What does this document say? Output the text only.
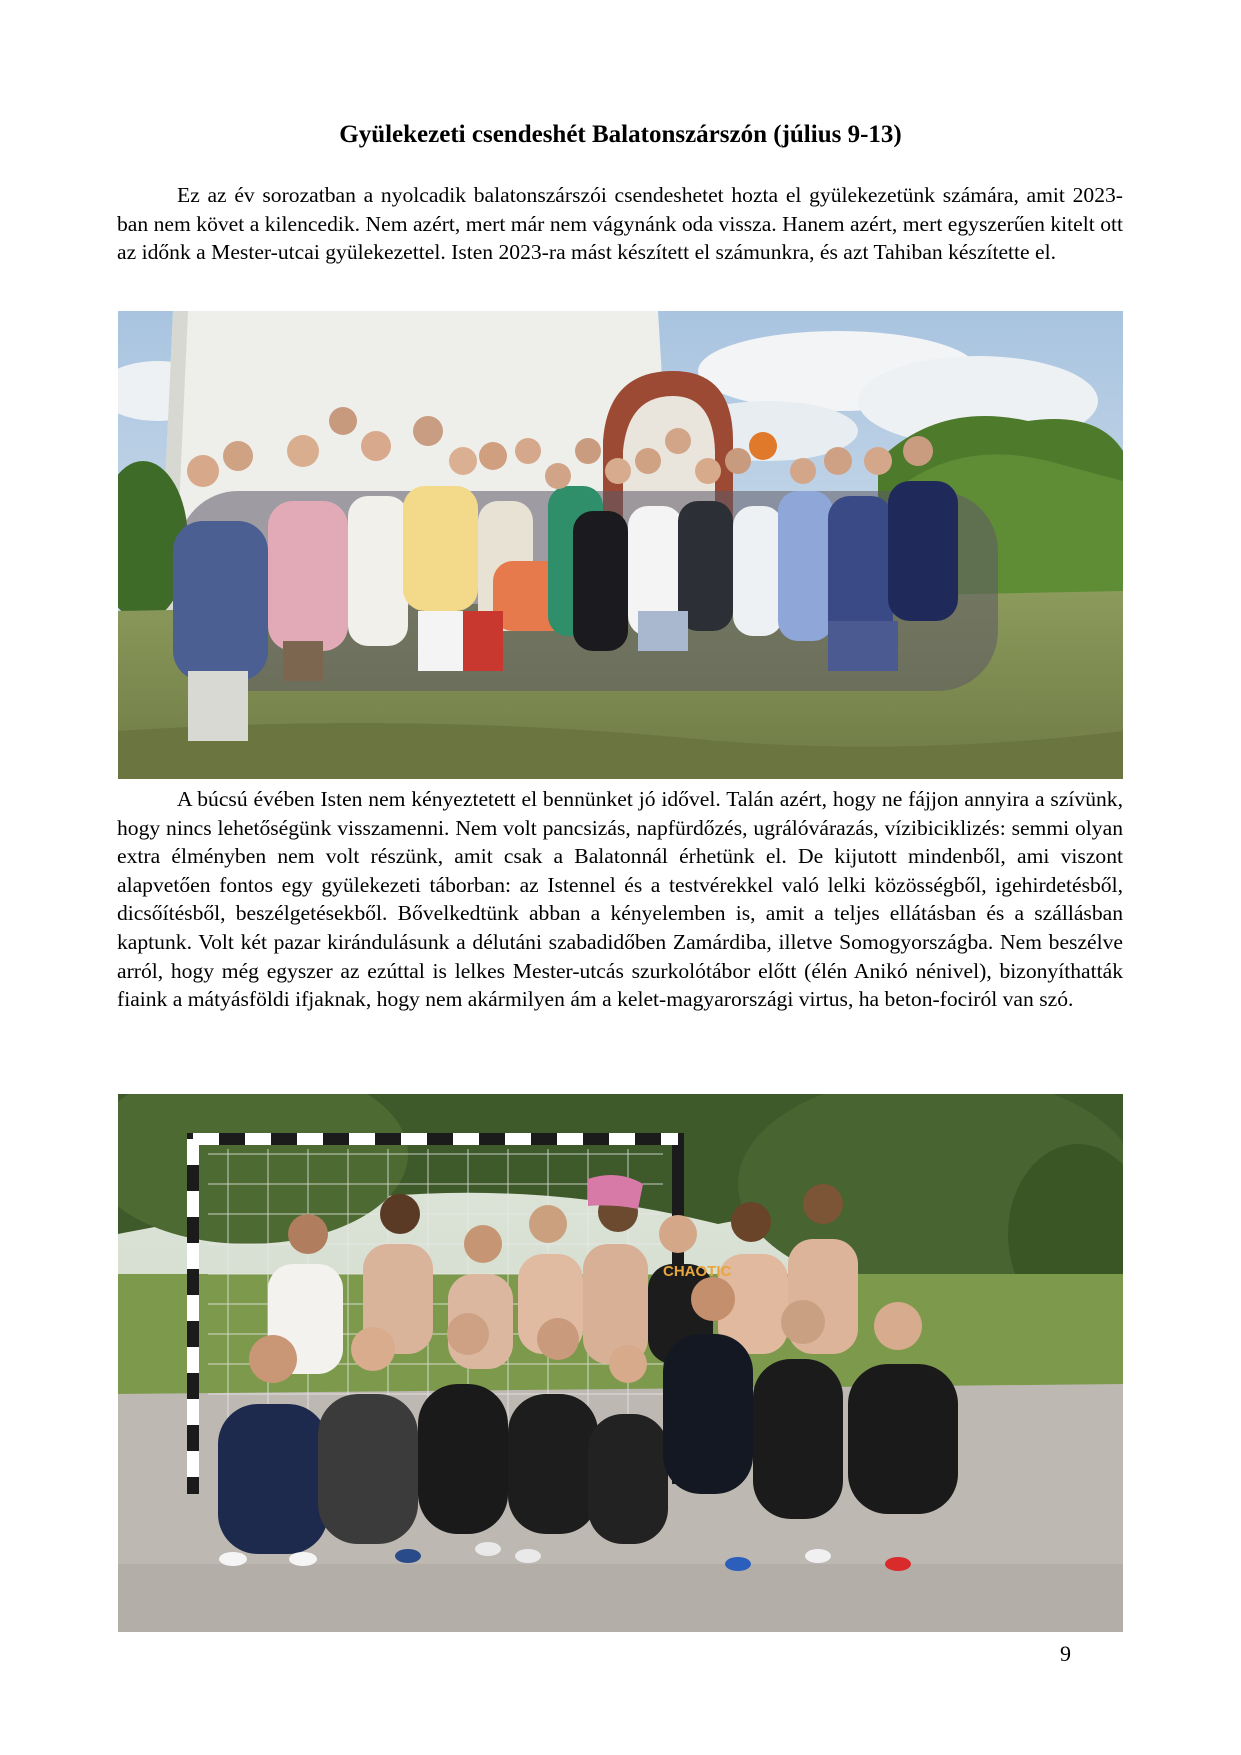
Gyülekezeti csendeshét Balatonszárszón (július 9-13)

Ez az év sorozatban a nyolcadik balatonszárszói csendeshetet hozta el gyülekezetünk számára, amit 2023-ban nem követ a kilencedik. Nem azért, mert már nem vágynánk oda vissza. Hanem azért, mert egyszerűen kitelt ott az időnk a Mester-utcai gyülekezettel. Isten 2023-ra mást készített el számunkra, és azt Tahiban készítette el.

A búcsú évében Isten nem kényeztetett el bennünket jó idővel. Talán azért, hogy ne fájjon annyira a szívünk, hogy nincs lehetőségünk visszamenni. Nem volt pancsizás, napfürdőzés, ugrálóvárazás, vízibiciklizés: semmi olyan extra élményben nem volt részünk, amit csak a Balatonnál érhetünk el. De kijutott mindenből, ami viszont alapvetően fontos egy gyülekezeti táborban: az Istennel és a testvérekkel való lelki közösségből, igehirdetésből, dicsőítésből, beszélgetésekből. Bővelkedtünk abban a kényelemben is, amit a teljes ellátásban és a szállásban kaptunk. Volt két pazar kirándulásunk a délutáni szabadidőben Zamárdiba, illetve Somogyországba. Nem beszélve arról, hogy még egyszer az ezúttal is lelkes Mester-utcás szurkolótábor előtt (élén Anikó nénivel), bizonyíthatták fiaink a mátyásföldi ifjaknak, hogy nem akármilyen ám a kelet-magyarországi virtus, ha beton-fociról van szó.

CHAOTIC

9
